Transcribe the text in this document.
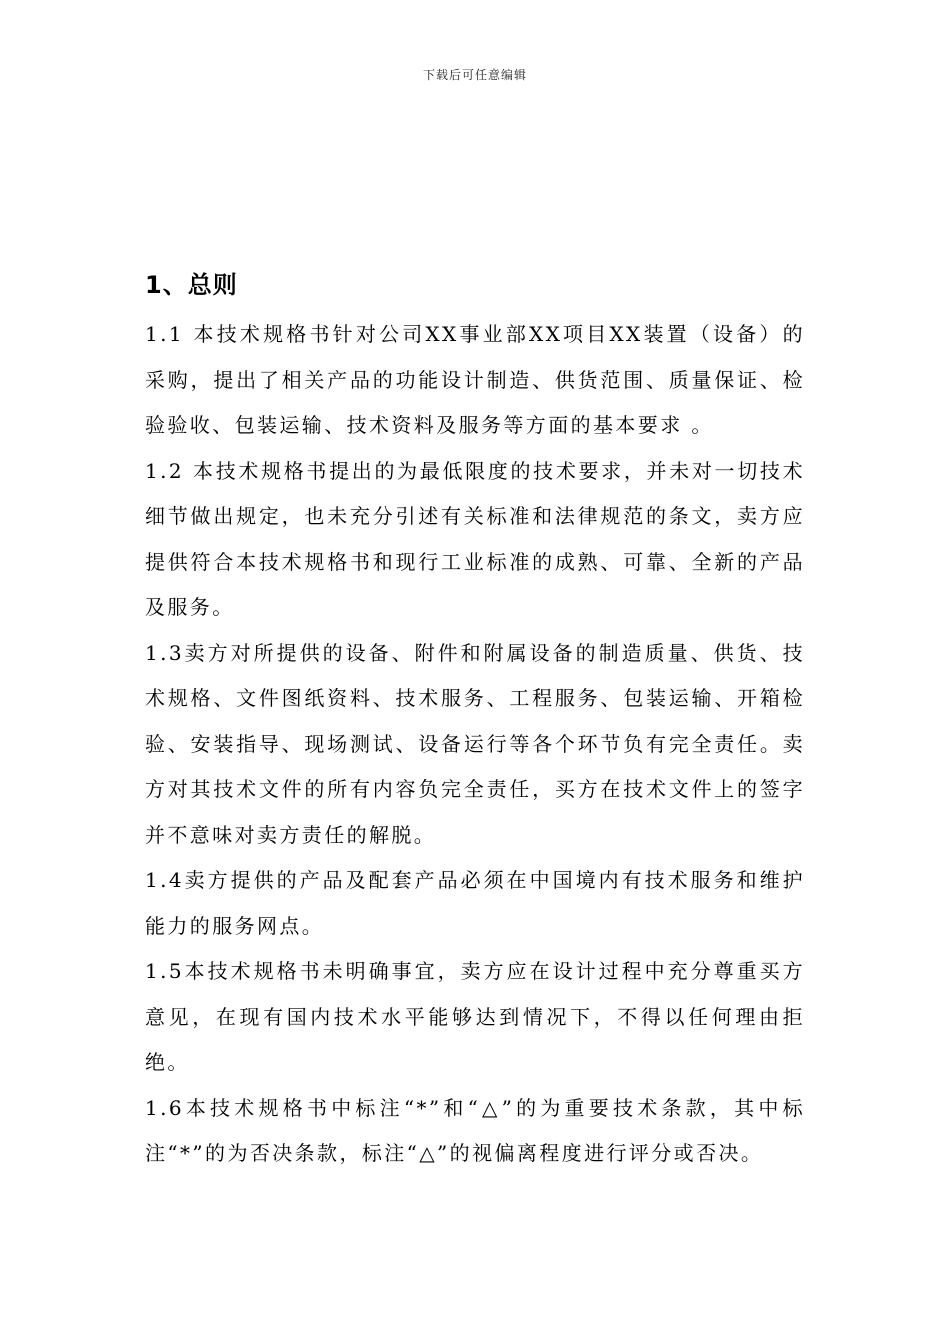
下载后可任意编辑
1、总则

1.1 本技术规格书针对公司XX事业部XX项目XX装置（设备）的采购，提出了相关产品的功能设计制造、供货范围、质量保证、检验验收、包装运输、技术资料及服务等方面的基本要求 。

1.2 本技术规格书提出的为最低限度的技术要求，并未对一切技术细节做出规定，也未充分引述有关标准和法律规范的条文，卖方应提供符合本技术规格书和现行工业标准的成熟、可靠、全新的产品及服务。

1.3卖方对所提供的设备、附件和附属设备的制造质量、供货、技术规格、文件图纸资料、技术服务、工程服务、包装运输、开箱检验、安装指导、现场测试、设备运行等各个环节负有完全责任。卖方对其技术文件的所有内容负完全责任，买方在技术文件上的签字并不意味对卖方责任的解脱。

1.4卖方提供的产品及配套产品必须在中国境内有技术服务和维护能力的服务网点。

1.5本技术规格书未明确事宜，卖方应在设计过程中充分尊重买方意见，在现有国内技术水平能够达到情况下，不得以任何理由拒绝。

1.6本技术规格书中标注“*”和“△”的为重要技术条款，其中标注“*”的为否决条款，标注“△”的视偏离程度进行评分或否决。
